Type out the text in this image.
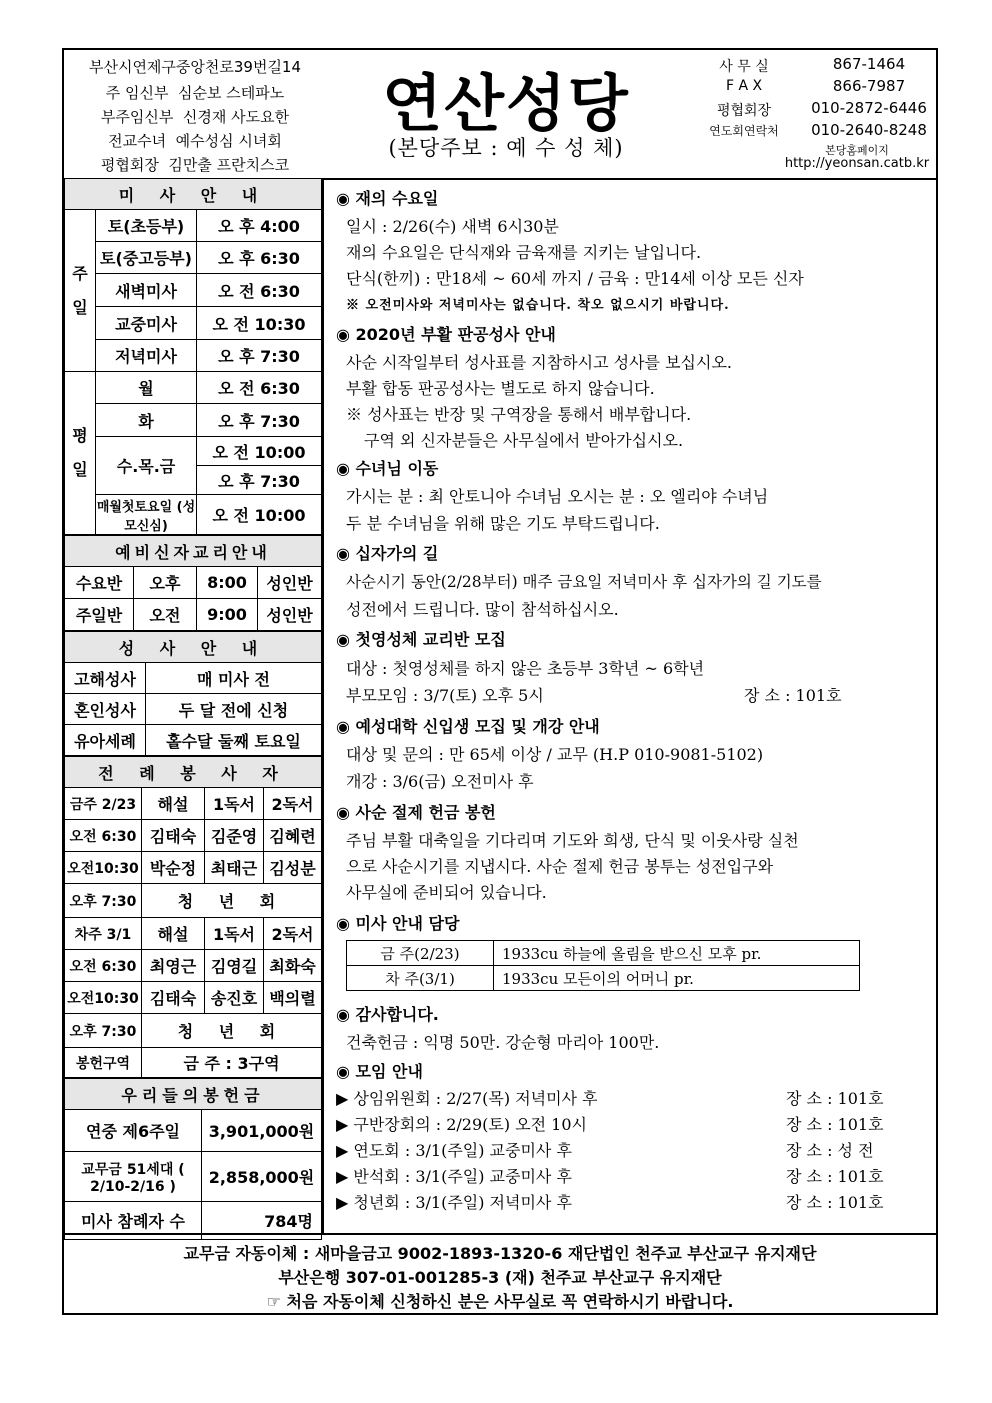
부산시연제구중앙천로39번길14
주 임신부 심순보 스테파노
부주임신부 신경재 사도요한
전교수녀 예수성심 시녀회
평협회장 김만출 프란치스코
연산성당
(본당주보 : 예 수 성 체)
사 무 실	867-1464
F A X	866-7987
평협회장	010-2872-6446
연도회연락처	010-2640-8248
본당홈페이지
http://yeonsan.catb.kr
미 사 안 내		
주일	토(초등부)	오 후 4:00
	토(중고등부)	오 후 6:30
	새벽미사	오 전 6:30
	교중미사	오 전 10:30
	저녁미사	오 후 7:30
평일	월	오 전 6:30
	화	오 후 7:30
	수.목.금	오 전 10:00
		오 후 7:30
	매월첫토요일 (성모신심)	오 전 10:00
예비신자교리안내			
수요반	오후	8:00	성인반
주일반	오전	9:00	성인반
성 사 안 내	
고해성사	매 미사 전
혼인성사	두 달 전에 신청
유아세례	홀수달 둘째 토요일
전 례 봉 사 자			
금주 2/23	해설	1독서	2독서
오전 6:30	김태숙	김준영	김혜련
오전10:30	박순정	최태근	김성분
오후 7:30	청 년 회		
차주 3/1	해설	1독서	2독서
오전 6:30	최영근	김영길	최화숙
오전10:30	김태숙	송진호	백의렬
오후 7:30	청 년 회		
봉헌구역	금 주 : 3구역		
우리들의봉헌금	
연중 제6주일	3,901,000원
교무금 51세대 ( 2/10-2/16 )	2,858,000원
미사 참례자 수	784명
◉ 재의 수요일
일시 : 2/26(수) 새벽 6시30분
재의 수요일은 단식재와 금육재를 지키는 날입니다.
단식(한끼) : 만18세 ~ 60세 까지 / 금육 : 만14세 이상 모든 신자
※ 오전미사와 저녁미사는 없습니다. 착오 없으시기 바랍니다.
◉ 2020년 부활 판공성사 안내
사순 시작일부터 성사표를 지참하시고 성사를 보십시오.
부활 합동 판공성사는 별도로 하지 않습니다.
※ 성사표는 반장 및 구역장을 통해서 배부합니다.
구역 외 신자분들은 사무실에서 받아가십시오.
◉ 수녀님 이동
가시는 분 : 최 안토니아 수녀님 오시는 분 : 오 엘리야 수녀님
두 분 수녀님을 위해 많은 기도 부탁드립니다.
◉ 십자가의 길
사순시기 동안(2/28부터) 매주 금요일 저녁미사 후 십자가의 길 기도를
성전에서 드립니다. 많이 참석하십시오.
◉ 첫영성체 교리반 모집
대상 : 첫영성체를 하지 않은 초등부 3학년 ~ 6학년
부모모임 : 3/7(토) 오후 5시	장 소 : 101호
◉ 예성대학 신입생 모집 및 개강 안내
대상 및 문의 : 만 65세 이상 / 교무 (H.P 010-9081-5102)
개강 : 3/6(금) 오전미사 후
◉ 사순 절제 헌금 봉헌
주님 부활 대축일을 기다리며 기도와 희생, 단식 및 이웃사랑 실천
으로 사순시기를 지냅시다. 사순 절제 헌금 봉투는 성전입구와
사무실에 준비되어 있습니다.
◉ 미사 안내 담당
금 주(2/23)	1933cu 하늘에 올림을 받으신 모후 pr.
차 주(3/1)	1933cu 모든이의 어머니 pr.
◉ 감사합니다.
건축헌금 : 익명 50만. 강순형 마리아 100만.
◉ 모임 안내
▶ 상임위원회 : 2/27(목) 저녁미사 후	장 소 : 101호
▶ 구반장회의 : 2/29(토) 오전 10시	장 소 : 101호
▶ 연도회 : 3/1(주일) 교중미사 후	장 소 : 성 전
▶ 반석회 : 3/1(주일) 교중미사 후	장 소 : 101호
▶ 청년회 : 3/1(주일) 저녁미사 후	장 소 : 101호
교무금 자동이체 : 새마을금고 9002-1893-1320-6 재단법인 천주교 부산교구 유지재단
부산은행 307-01-001285-3 (재) 천주교 부산교구 유지재단
☞ 처음 자동이체 신청하신 분은 사무실로 꼭 연락하시기 바랍니다.
